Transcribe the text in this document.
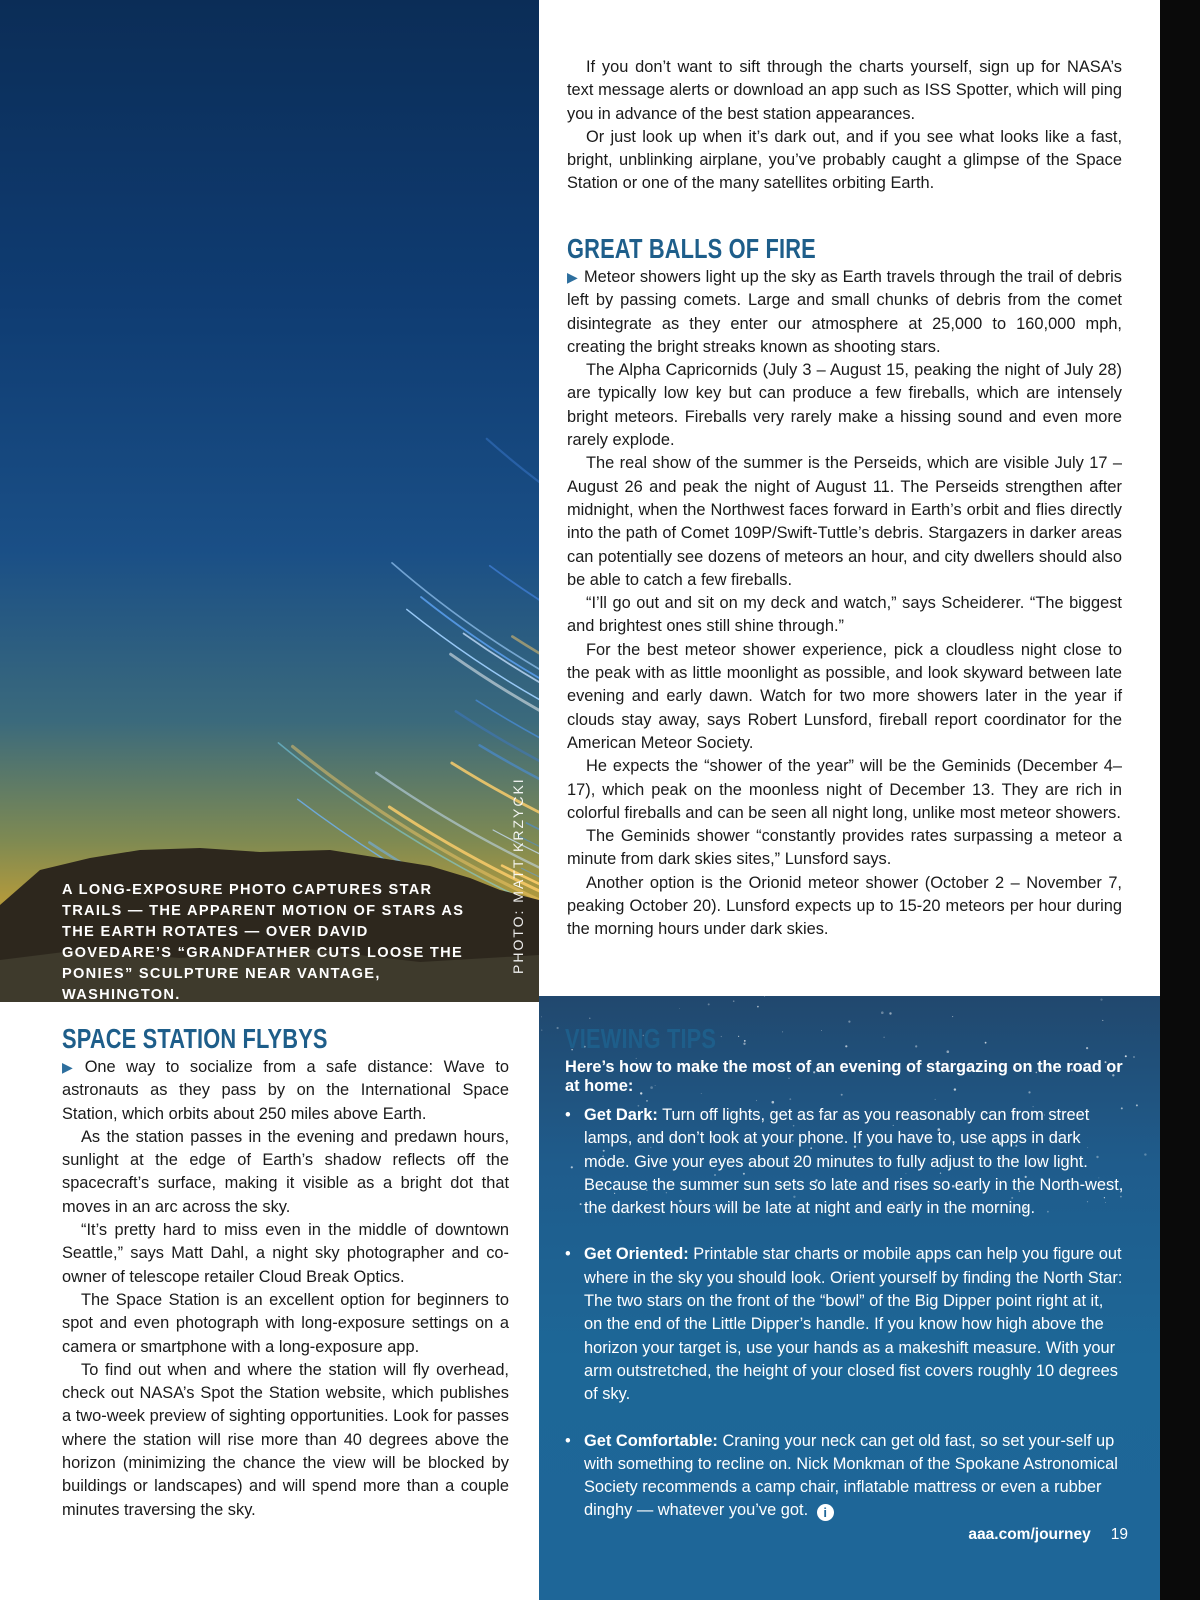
A LONG-EXPOSURE PHOTO CAPTURES STAR TRAILS — THE APPARENT MOTION OF STARS AS THE EARTH ROTATES — OVER DAVID GOVEDARE’S “GRANDFATHER CUTS LOOSE THE PONIES” SCULPTURE NEAR VANTAGE, WASHINGTON.
PHOTO: MATT KRZYCKI

If you don’t want to sift through the charts yourself, sign up for NASA’s text message alerts or download an app such as ISS Spotter, which will ping you in advance of the best station appearances.

Or just look up when it’s dark out, and if you see what looks like a fast, bright, unblinking airplane, you’ve probably caught a glimpse of the Space Station or one of the many satellites orbiting Earth.

GREAT BALLS OF FIRE

▶ Meteor showers light up the sky as Earth travels through the trail of debris left by passing comets. Large and small chunks of debris from the comet disintegrate as they enter our atmosphere at 25,000 to 160,000 mph, creating the bright streaks known as shooting stars.

The Alpha Capricornids (July 3 – August 15, peaking the night of July 28) are typically low key but can produce a few fireballs, which are intensely bright meteors. Fireballs very rarely make a hissing sound and even more rarely explode.

The real show of the summer is the Perseids, which are visible July 17 – August 26 and peak the night of August 11. The Perseids strengthen after midnight, when the Northwest faces forward in Earth’s orbit and flies directly into the path of Comet 109P/Swift-Tuttle’s debris. Stargazers in darker areas can potentially see dozens of meteors an hour, and city dwellers should also be able to catch a few fireballs.

“I’ll go out and sit on my deck and watch,” says Scheiderer. “The biggest and brightest ones still shine through.”

For the best meteor shower experience, pick a cloudless night close to the peak with as little moonlight as possible, and look skyward between late evening and early dawn. Watch for two more showers later in the year if clouds stay away, says Robert Lunsford, fireball report coordinator for the American Meteor Society.

He expects the “shower of the year” will be the Geminids (December 4–17), which peak on the moonless night of December 13. They are rich in colorful fireballs and can be seen all night long, unlike most meteor showers.

The Geminids shower “constantly provides rates surpassing a meteor a minute from dark skies sites,” Lunsford says.

Another option is the Orionid meteor shower (October 2 – November 7, peaking October 20). Lunsford expects up to 15-20 meteors per hour during the morning hours under dark skies.

SPACE STATION FLYBYS

▶ One way to socialize from a safe distance: Wave to astronauts as they pass by on the International Space Station, which orbits about 250 miles above Earth.

As the station passes in the evening and predawn hours, sunlight at the edge of Earth’s shadow reflects off the spacecraft’s surface, making it visible as a bright dot that moves in an arc across the sky.

“It’s pretty hard to miss even in the middle of downtown Seattle,” says Matt Dahl, a night sky photographer and co-owner of telescope retailer Cloud Break Optics.

The Space Station is an excellent option for beginners to spot and even photograph with long-exposure settings on a camera or smartphone with a long-exposure app.

To find out when and where the station will fly overhead, check out NASA’s Spot the Station website, which publishes a two-week preview of sighting opportunities. Look for passes where the station will rise more than 40 degrees above the horizon (minimizing the chance the view will be blocked by buildings or landscapes) and will spend more than a couple minutes traversing the sky.

VIEWING TIPS
Here’s how to make the most of an evening of stargazing on the road or at home:
• Get Dark: Turn off lights, get as far as you reasonably can from street lamps, and don’t look at your phone. If you have to, use apps in dark mode. Give your eyes about 20 minutes to fully adjust to the low light. Because the summer sun sets so late and rises so early in the North-west, the darkest hours will be late at night and early in the morning.
• Get Oriented: Printable star charts or mobile apps can help you figure out where in the sky you should look. Orient yourself by finding the North Star: The two stars on the front of the “bowl” of the Big Dipper point right at it, on the end of the Little Dipper’s handle. If you know how high above the horizon your target is, use your hands as a makeshift measure. With your arm outstretched, the height of your closed fist covers roughly 10 degrees of sky.
• Get Comfortable: Craning your neck can get old fast, so set your-self up with something to recline on. Nick Monkman of the Spokane Astronomical Society recommends a camp chair, inflatable mattress or even a rubber dinghy — whatever you’ve got. i
aaa.com/journey 19
